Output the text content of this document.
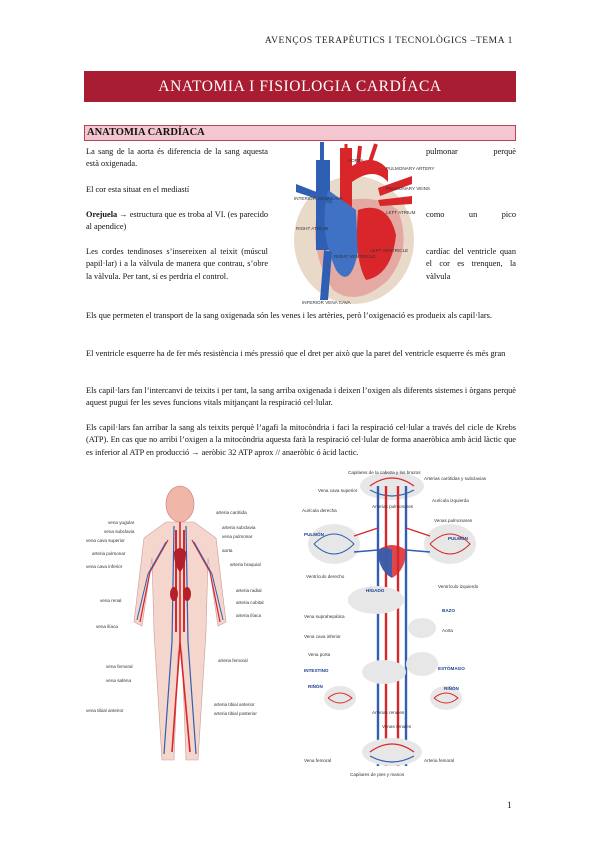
AVENÇOS TERAPÈUTICS I TECNOLÒGICS –TEMA 1
ANATOMIA I FISIOLOGIA CARDÍACA
ANATOMIA CARDÍACA
La sang de la aorta és diferencia de la sang aquesta està oxigenada.
pulmonar perquè
El cor esta situat en el mediastí
Orejuela → estructura que es troba al VI. (es parecido al apendice)
como un pico
Les cordes tendinoses s’insereixen al teixit (múscul papil·lar) i a la vàlvula de manera que contrau, s’obre la vàlvula. Per tant, si es perdria el control.
cardíac del ventricle quan el cor es trenquen, la vàlvula
INTERIOR VENA CAVA
PULMONARY ARTERY
LEFT ATRIUM
PULMONARY VEINS
LEFT VENTRICLE
RIGHT VENTRICLE
RIGHT ATRIUM
INFERIOR VENA CAVA
AORTA
Els que permeten el transport de la sang oxigenada són les venes i les artèries, però l’oxigenació es produeix als capil·lars.
El ventricle esquerre ha de fer més resistència i més pressió que el dret per això que la paret del ventricle esquerre és més gran
Els capil·lars fan l’intercanvi de teixits i per tant, la sang arriba oxigenada i deixen l’oxigen als diferents sistemes i òrgans perquè aquest pugui fer les seves funcions vitals mitjançant la respiració cel·lular.
Els capil·lars fan arribar la sang als teixits perquè l’agafi la mitocòndria i faci la respiració cel·lular a través del cicle de Krebs (ATP). En cas que no arribi l’oxigen a la mitocòndria aquesta farà la respiració cel·lular de forma anaeròbica amb àcid làctic que es inferior al ATP en producció → aeròbic 32 ATP aprox // anaeròbic ó àcid lactic.
vena yugular
vena subclavia
vena cava superior
arteria pulmonar
vena cava inferior
vena renal
vena ilíaca
vena femoral
vena safena
vena tibial anterior
arteria carótida
arteria subclavia
vena pulmonar
aorta
arteria braquial
arteria radial
arteria cubital
arteria ilíaca
arteria femoral
arteria tibial anterior
arteria tibial posterior
Capilares de la cabeza y los brazos
Capilares de pies y manos
Vena cava superior
Aurícula derecha
PULMÓN
Ventrículo derecho
Vena suprahepática
Vena cava inferior
Vena porta
INTESTINO
RIÑÓN
Vena femoral
Arterias carótidas y subclavias
Aurícula izquierda
Venas pulmonares
PULMÓN
Ventrículo izquierdo
BAZO
Aorta
ESTÓMAGO
RIÑÓN
Arteria femoral
Arterias pulmonares
HÍGADO
Arterias renales
Venas renales
1
